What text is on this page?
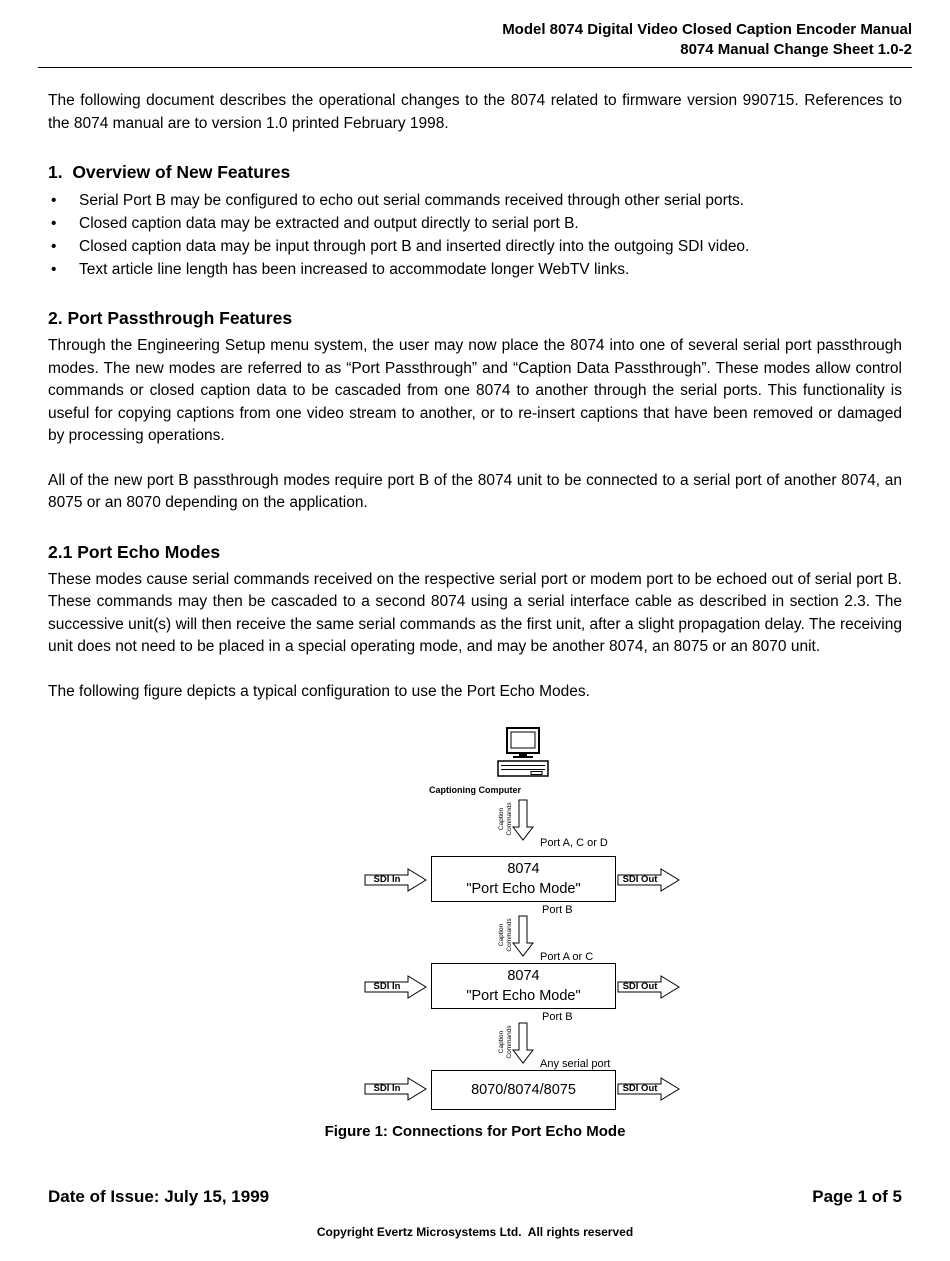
Model 8074 Digital Video Closed Caption Encoder Manual
8074 Manual Change Sheet 1.0-2

The following document describes the operational changes to the 8074 related to firmware version 990715. References to the 8074 manual are to version 1.0 printed February 1998.

1.  Overview of New Features
• Serial Port B may be configured to echo out serial commands received through other serial ports.
• Closed caption data may be extracted and output directly to serial port B.
• Closed caption data may be input through port B and inserted directly into the outgoing SDI video.
• Text article line length has been increased to accommodate longer WebTV links.
2. Port Passthrough Features

Through the Engineering Setup menu system, the user may now place the 8074 into one of several serial port passthrough modes. The new modes are referred to as “Port Passthrough” and “Caption Data Passthrough”. These modes allow control commands or closed caption data to be cascaded from one 8074 to another through the serial ports. This functionality is useful for copying captions from one video stream to another, or to re-insert captions that have been removed or damaged by processing operations.

All of the new port B passthrough modes require port B of the 8074 unit to be connected to a serial port of another 8074, an 8075 or an 8070 depending on the application.

2.1 Port Echo Modes

These modes cause serial commands received on the respective serial port or modem port to be echoed out of serial port B. These commands may then be cascaded to a second 8074 using a serial interface cable as described in section 2.3. The successive unit(s) will then receive the same serial commands as the first unit, after a slight propagation delay. The receiving unit does not need to be placed in a special operating mode, and may be another 8074, an 8075 or an 8070 unit.

The following figure depicts a typical configuration to use the Port Echo Modes.

Captioning Computer
Caption Commands
Port A, C or D
8074
"Port Echo Mode"
SDI In	SDI Out
Port B
Caption Commands
Port A or C
8074
"Port Echo Mode"
SDI In	SDI Out
Port B
Caption Commands
Any serial port
8070/8074/8075
SDI In	SDI Out
Figure 1: Connections for Port Echo Mode
Date of Issue: July 15, 1999	Page 1 of 5
Copyright Evertz Microsystems Ltd.  All rights reserved
